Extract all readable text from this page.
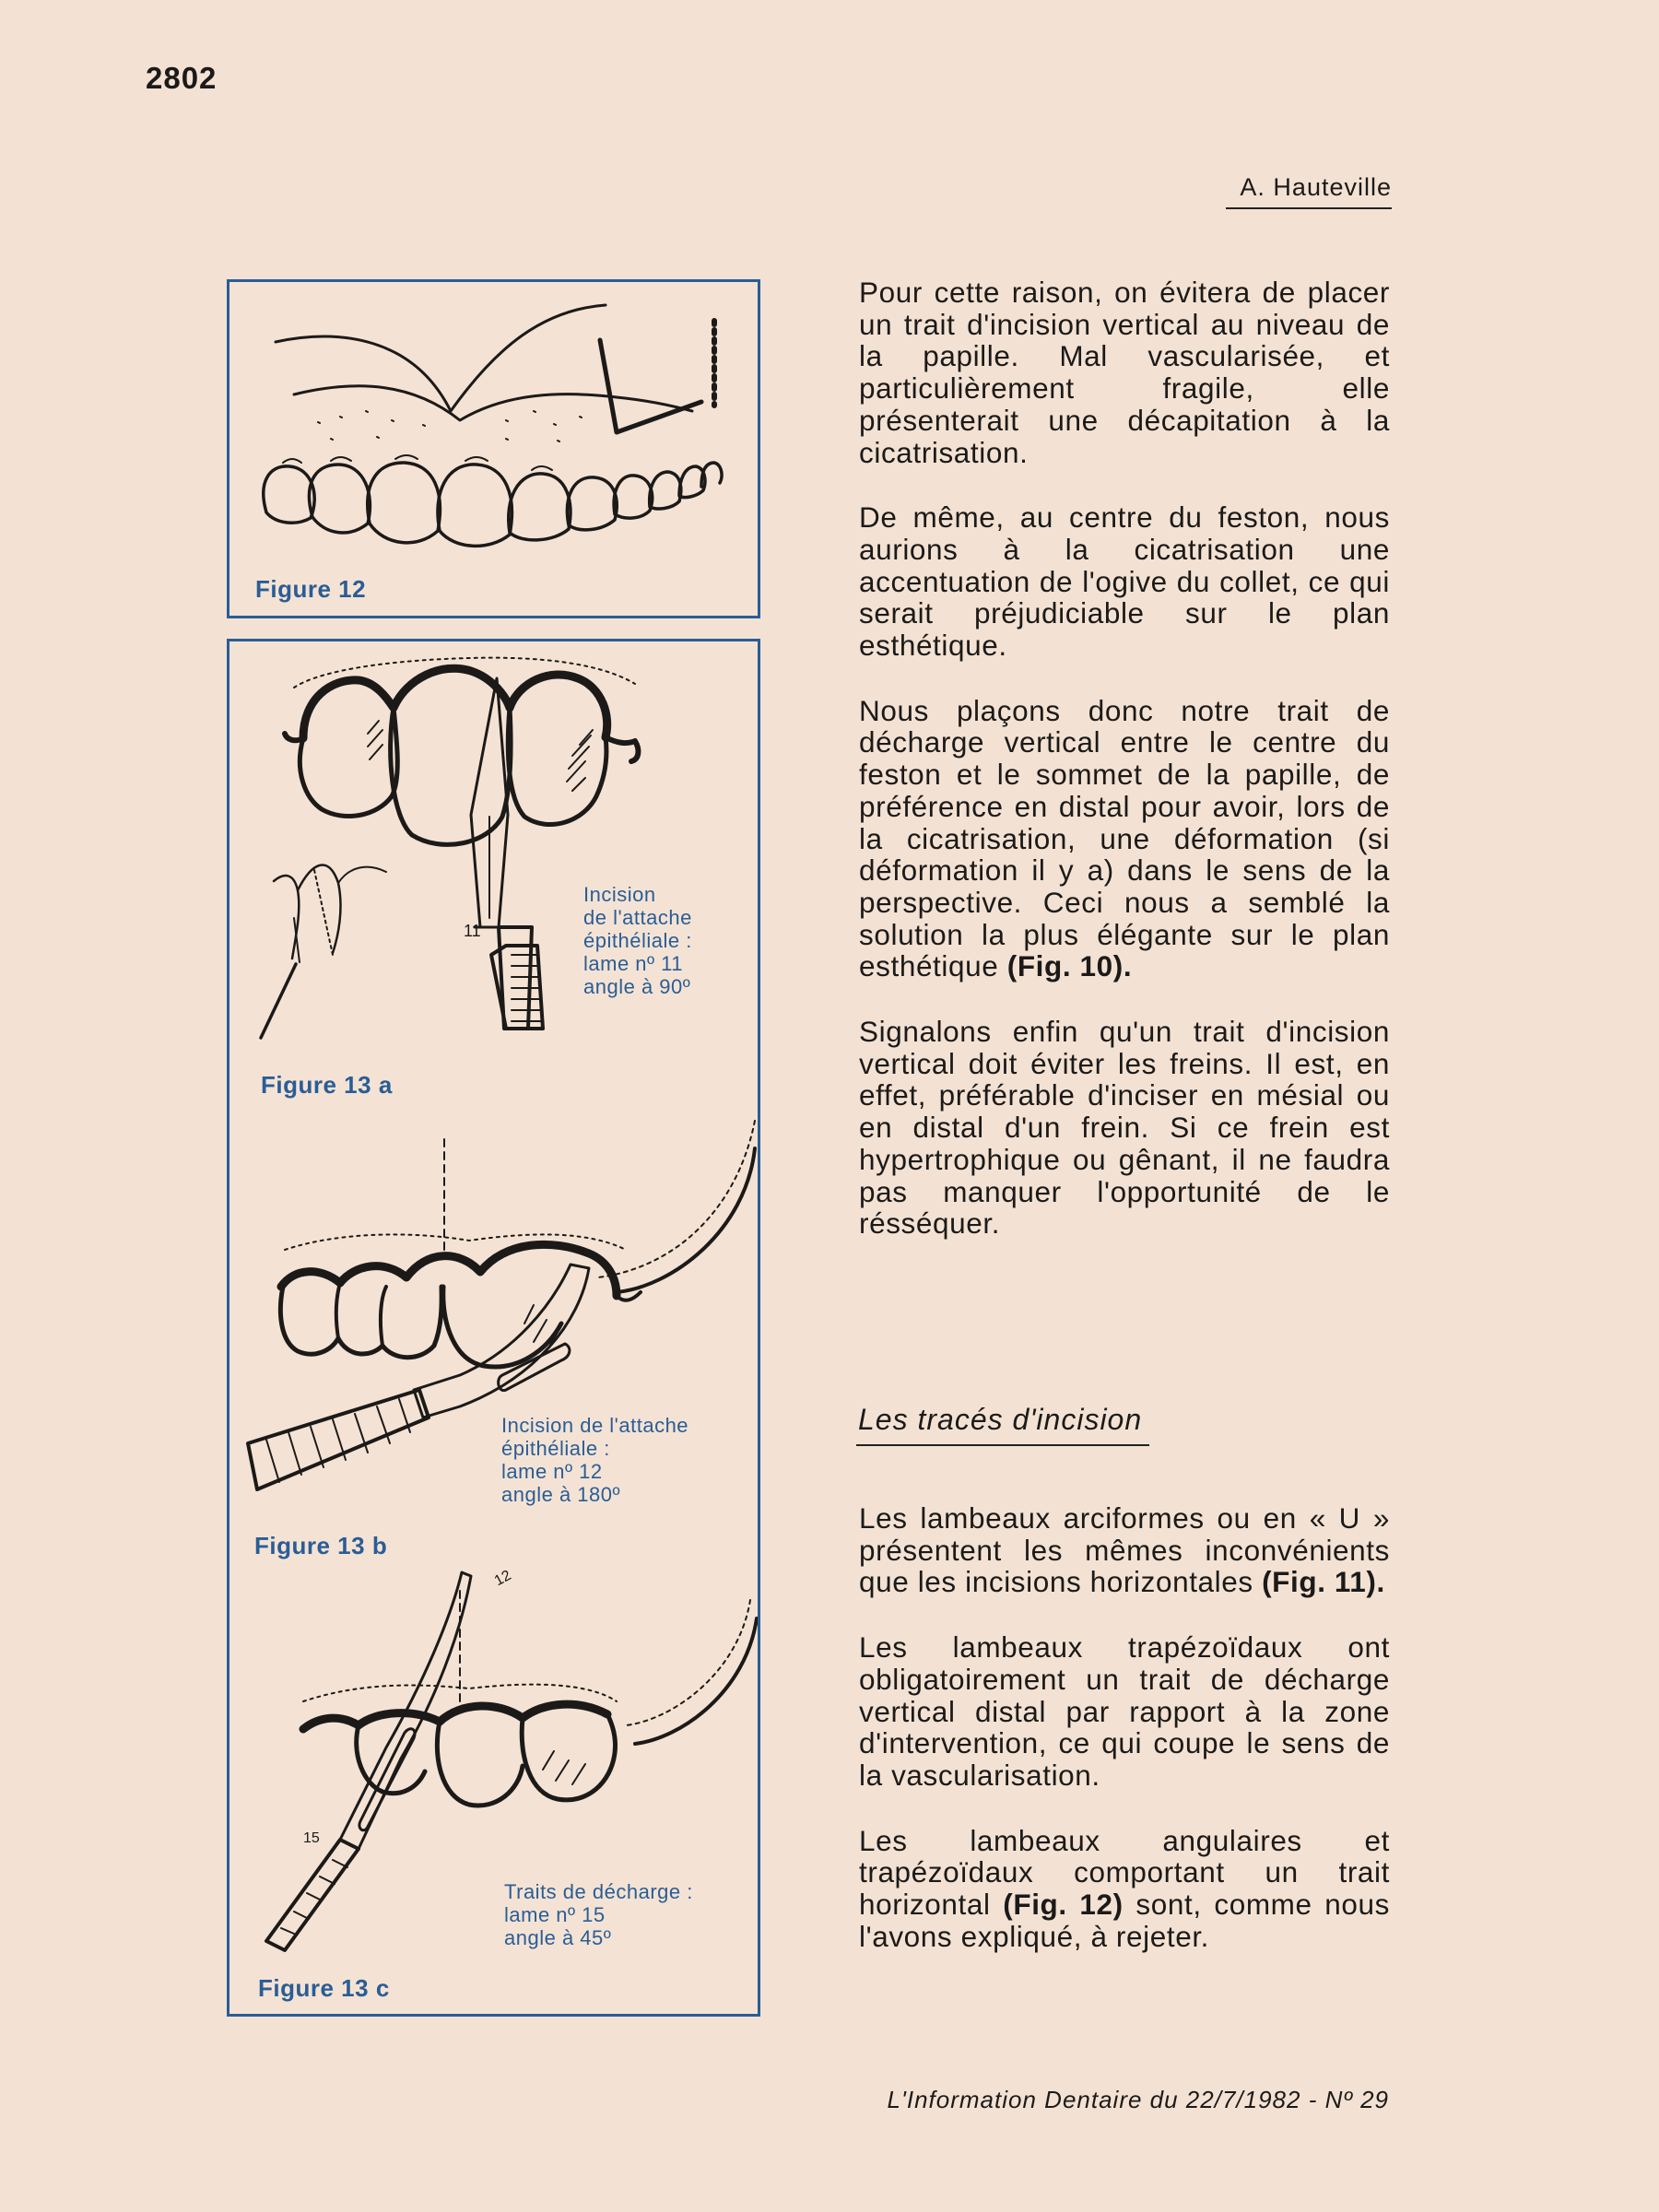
2802
A. Hauteville
Figure 12
12
11
15
Incision
de l'attache
épithéliale :
lame nº 11
angle à 90º
Figure 13 a
Incision de l'attache
épithéliale :
lame nº 12
angle à 180º
Figure 13 b
Traits de décharge :
lame nº 15
angle à 45º
Figure 13 c

Pour cette raison, on évitera de placer un trait d'incision vertical au niveau de la papille. Mal vascularisée, et particulièrement fragile, elle présenterait une décapitation à la cicatrisation.

De même, au centre du feston, nous aurions à la cicatrisation une accentuation de l'ogive du collet, ce qui serait préjudiciable sur le plan esthétique.

Nous plaçons donc notre trait de décharge vertical entre le centre du feston et le sommet de la papille, de préférence en distal pour avoir, lors de la cicatrisation, une déformation (si déformation il y a) dans le sens de la perspective. Ceci nous a semblé la solution la plus élégante sur le plan esthétique (Fig. 10).

Signalons enfin qu'un trait d'incision vertical doit éviter les freins. Il est, en effet, préférable d'inciser en mésial ou en distal d'un frein. Si ce frein est hypertrophique ou gênant, il ne faudra pas manquer l'opportunité de le résséquer.

Les tracés d'incision

Les lambeaux arciformes ou en « U » présentent les mêmes inconvénients que les incisions horizontales (Fig. 11).

Les lambeaux trapézoïdaux ont obligatoirement un trait de décharge vertical distal par rapport à la zone d'intervention, ce qui coupe le sens de la vascularisation.

Les lambeaux angulaires et trapézoïdaux comportant un trait horizontal (Fig. 12) sont, comme nous l'avons expliqué, à rejeter.

L'Information Dentaire du 22/7/1982 - Nº 29
